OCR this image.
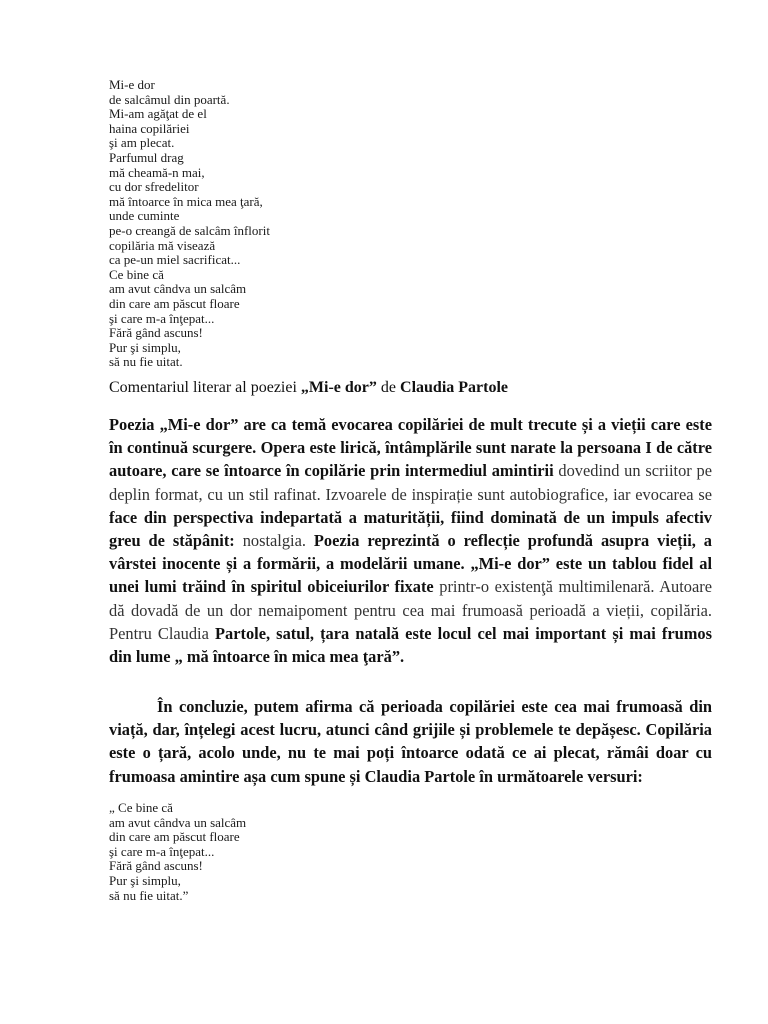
Mi-e dor
de salcâmul din poartă.
Mi-am agăţat de el
haina copilăriei
şi am plecat.
Parfumul drag
mă cheamă-n mai,
cu dor sfredelitor
mă întoarce în mica mea ţară,
unde cuminte
pe-o creangă de salcâm înflorit
copilăria mă visează
ca pe-un miel sacrificat...
Ce bine că
am avut cândva un salcâm
din care am păscut floare
şi care m-a înţepat...
Fără gând ascuns!
Pur şi simplu,
să nu fie uitat.
Comentariul literar al poeziei „Mi-e dor” de Claudia Partole

Poezia „Mi-e dor” are ca temă evocarea copilăriei de mult trecute și a vieții care este în continuă scurgere. Opera este lirică, întâmplările sunt narate la persoana I de către autoare, care se întoarce în copilărie prin intermediul amintirii dovedind un scriitor pe deplin format, cu un stil rafinat. Izvoarele de inspirație sunt autobiografice, iar evocarea se face din perspectiva indepartată a maturității, fiind dominată de un impuls afectiv greu de stăpânit: nostalgia. Poezia reprezintă o reflecție profundă asupra vieții, a vârstei inocente și a formării, a modelării umane. „Mi-e dor” este un tablou fidel al unei lumi trăind în spiritul obiceiurilor fixate printr-o existenţă multimilenară. Autoare dă dovadă de un dor nemaipoment pentru cea mai frumoasă perioadă a vieții, copilăria. Pentru Claudia Partole, satul, țara natală este locul cel mai important și mai frumos din lume „ mă întoarce în mica mea ţară”.

În concluzie, putem afirma că perioada copilăriei este cea mai frumoasă din viață, dar, înțelegi acest lucru, atunci când grijile și problemele te depășesc. Copilăria este o țară, acolo unde, nu te mai poți întoarce odată ce ai plecat, rămâi doar cu frumoasa amintire așa cum spune și Claudia Partole în următoarele versuri:

„ Ce bine că
am avut cândva un salcâm
din care am păscut floare
şi care m-a înţepat...
Fără gând ascuns!
Pur şi simplu,
să nu fie uitat.”
